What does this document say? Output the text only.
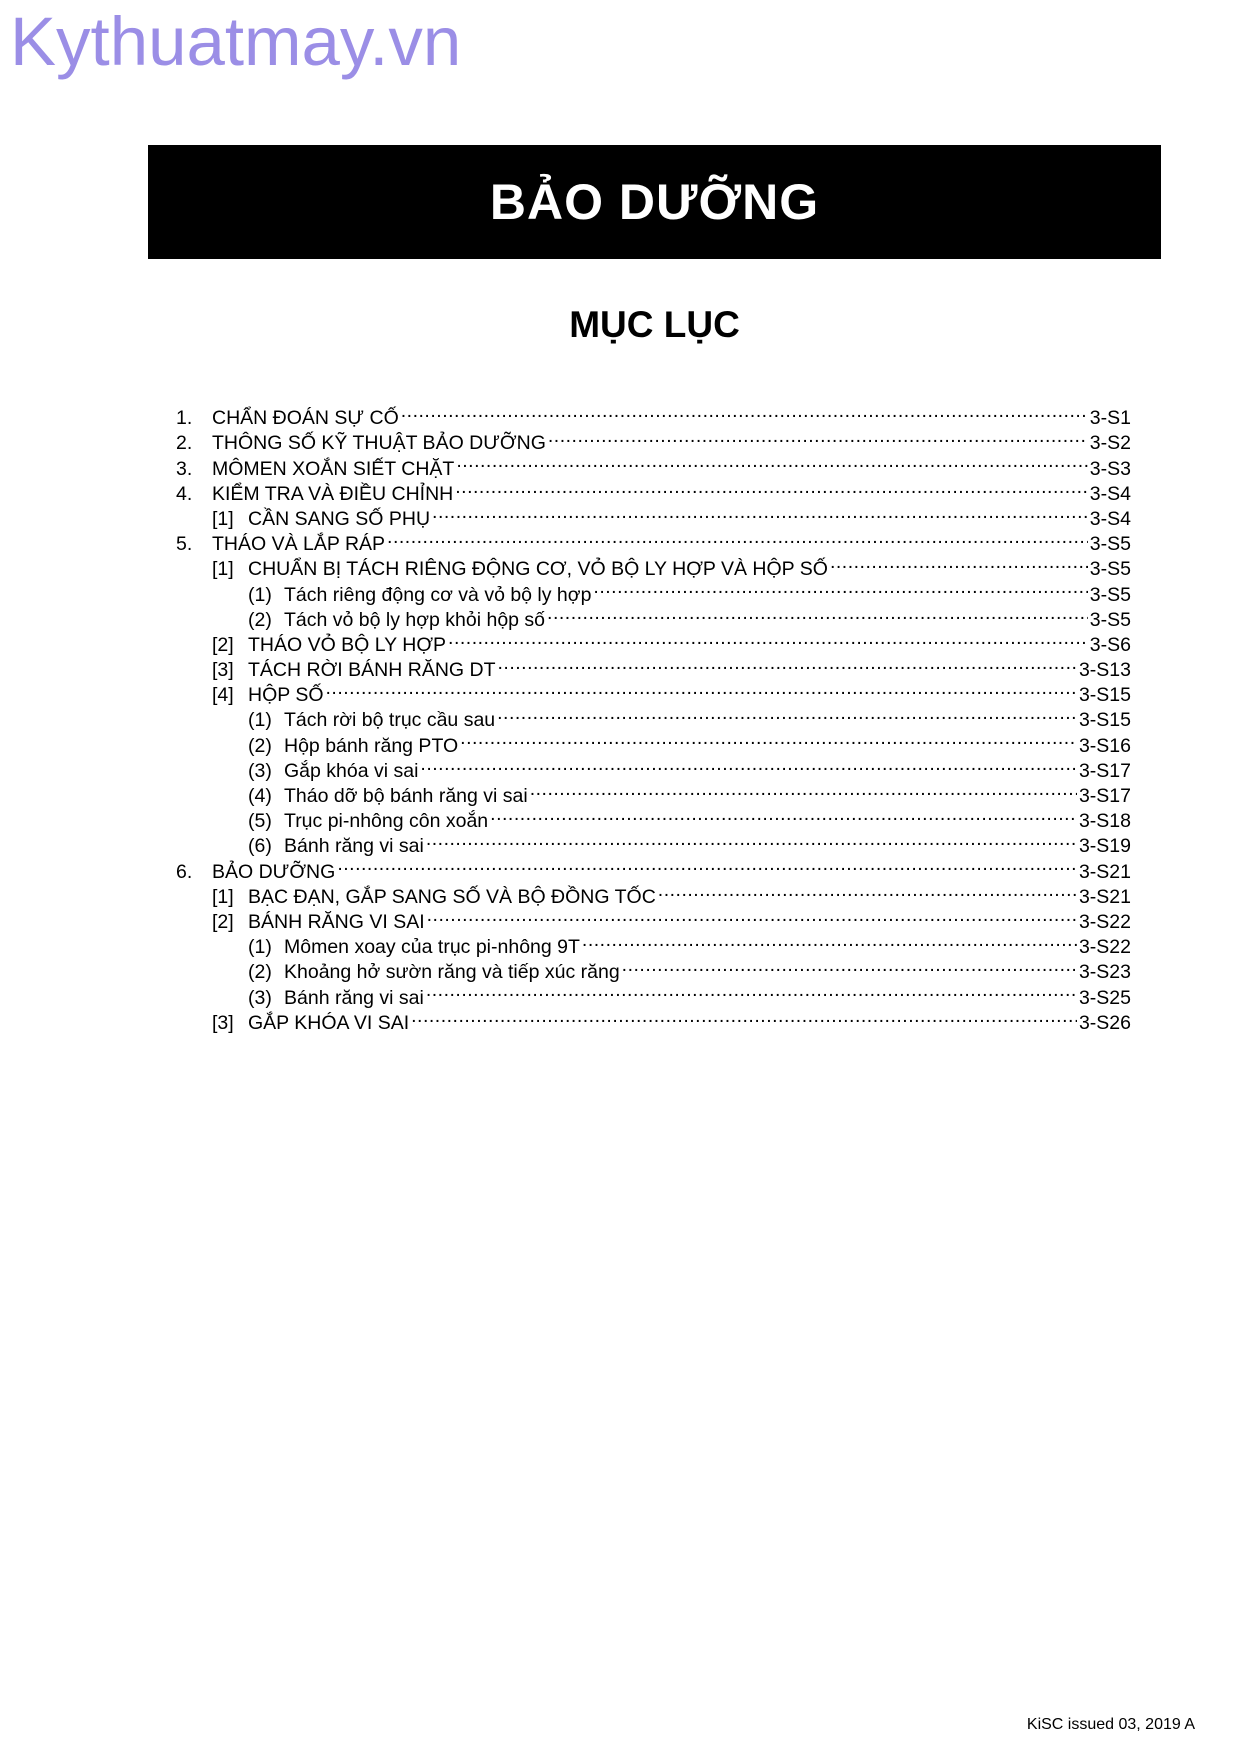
Kythuatmay.vn
BẢO DƯỠNG
MỤC LỤC
1.	CHẨN ĐOÁN SỰ CỐ .....	3-S1
2.	THÔNG SỐ KỸ THUẬT BẢO DƯỠNG .....	3-S2
3.	MÔMEN XOẮN SIẾT CHẶT .....	3-S3
4.	KIỂM TRA VÀ ĐIỀU CHỈNH .....	3-S4
[1] CẦN SANG SỐ PHỤ .....	3-S4
5.	THÁO VÀ LẮP RÁP .....	3-S5
[1] CHUẨN BỊ TÁCH RIÊNG ĐỘNG CƠ, VỎ BỘ LY HỢP VÀ HỘP SỐ .....	3-S5
(1) Tách riêng động cơ và vỏ bộ ly hợp .....	3-S5
(2) Tách vỏ bộ ly hợp khỏi hộp số .....	3-S5
[2] THÁO VỎ BỘ LY HỢP .....	3-S6
[3] TÁCH RỜI BÁNH RĂNG DT .....	3-S13
[4] HỘP SỐ .....	3-S15
(1) Tách rời bộ trục cầu sau .....	3-S15
(2) Hộp bánh răng PTO .....	3-S16
(3) Gắp khóa vi sai .....	3-S17
(4) Tháo dỡ bộ bánh răng vi sai .....	3-S17
(5) Trục pi-nhông côn xoắn .....	3-S18
(6) Bánh răng vi sai .....	3-S19
6.	BẢO DƯỠNG .....	3-S21
[1] BẠC ĐẠN, GẮP SANG SỐ VÀ BỘ ĐỒNG TỐC .....	3-S21
[2] BÁNH RĂNG VI SAI .....	3-S22
(1) Mômen xoay của trục pi-nhông 9T .....	3-S22
(2) Khoảng hở sườn răng và tiếp xúc răng .....	3-S23
(3) Bánh răng vi sai .....	3-S25
[3] GẮP KHÓA VI SAI .....	3-S26
KiSC issued 03, 2019 A
